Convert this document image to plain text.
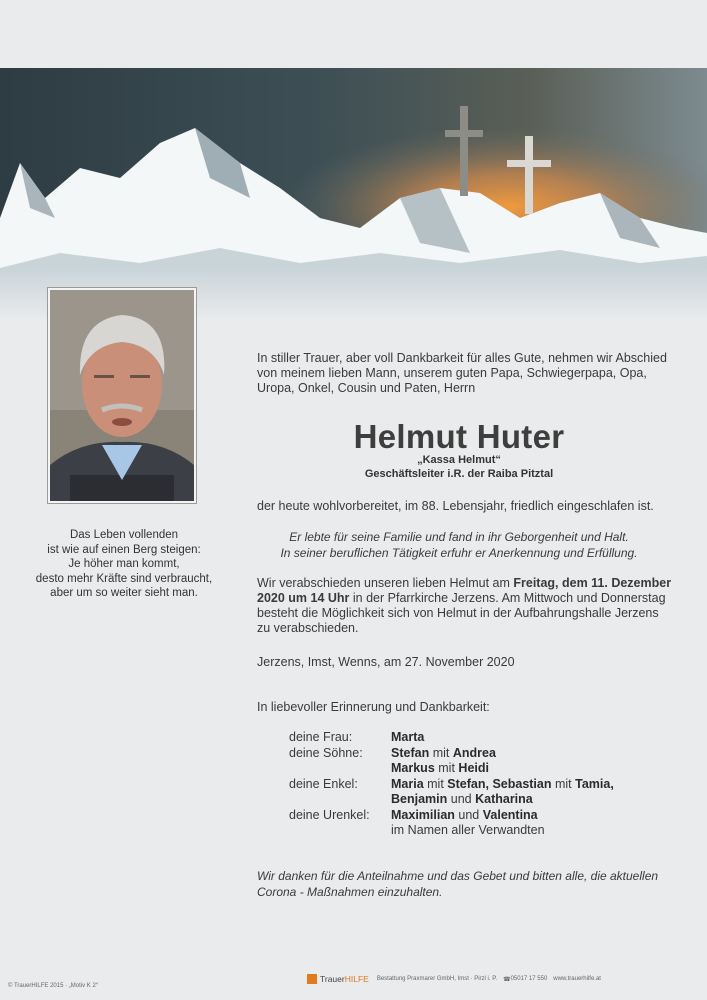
Das Leben vollenden
ist wie auf einen Berg steigen:
Je höher man kommt,
desto mehr Kräfte sind verbraucht,
aber um so weiter sieht man.
In stiller Trauer, aber voll Dankbarkeit für alles Gute, nehmen wir Abschied
von meinem lieben Mann, unserem guten Papa, Schwiegerpapa, Opa,
Uropa, Onkel, Cousin und Paten, Herrn
Helmut Huter
„Kassa Helmut“
Geschäftsleiter i.R. der Raiba Pitztal
der heute wohlvorbereitet, im 88. Lebensjahr, friedlich eingeschlafen ist.
Er lebte für seine Familie und fand in ihr Geborgenheit und Halt.
In seiner beruflichen Tätigkeit erfuhr er Anerkennung und Erfüllung.
Wir verabschieden unseren lieben Helmut am Freitag, dem 11. Dezember
2020 um 14 Uhr in der Pfarrkirche Jerzens. Am Mittwoch und Donnerstag
besteht die Möglichkeit sich von Helmut in der Aufbahrungshalle Jerzens
zu verabschieden.
Jerzens, Imst, Wenns, am 27. November 2020
In liebevoller Erinnerung und Dankbarkeit:
deine Frau:	Marta
deine Söhne:	Stefan mit Andrea
Markus mit Heidi
deine Enkel:	Maria mit Stefan, Sebastian mit Tamia,
Benjamin und Katharina
deine Urenkel:	Maximilian und Valentina
im Namen aller Verwandten
Wir danken für die Anteilnahme und das Gebet und bitten alle, die aktuellen
Corona - Maßnahmen einzuhalten.
© TrauerHILFE 2015 · „Motiv K 2“
TrauerHILFE Bestattung Praxmarer GmbH, Imst · Pirzl i. P. ☎ 05017 17 550 www.trauerhilfe.at
